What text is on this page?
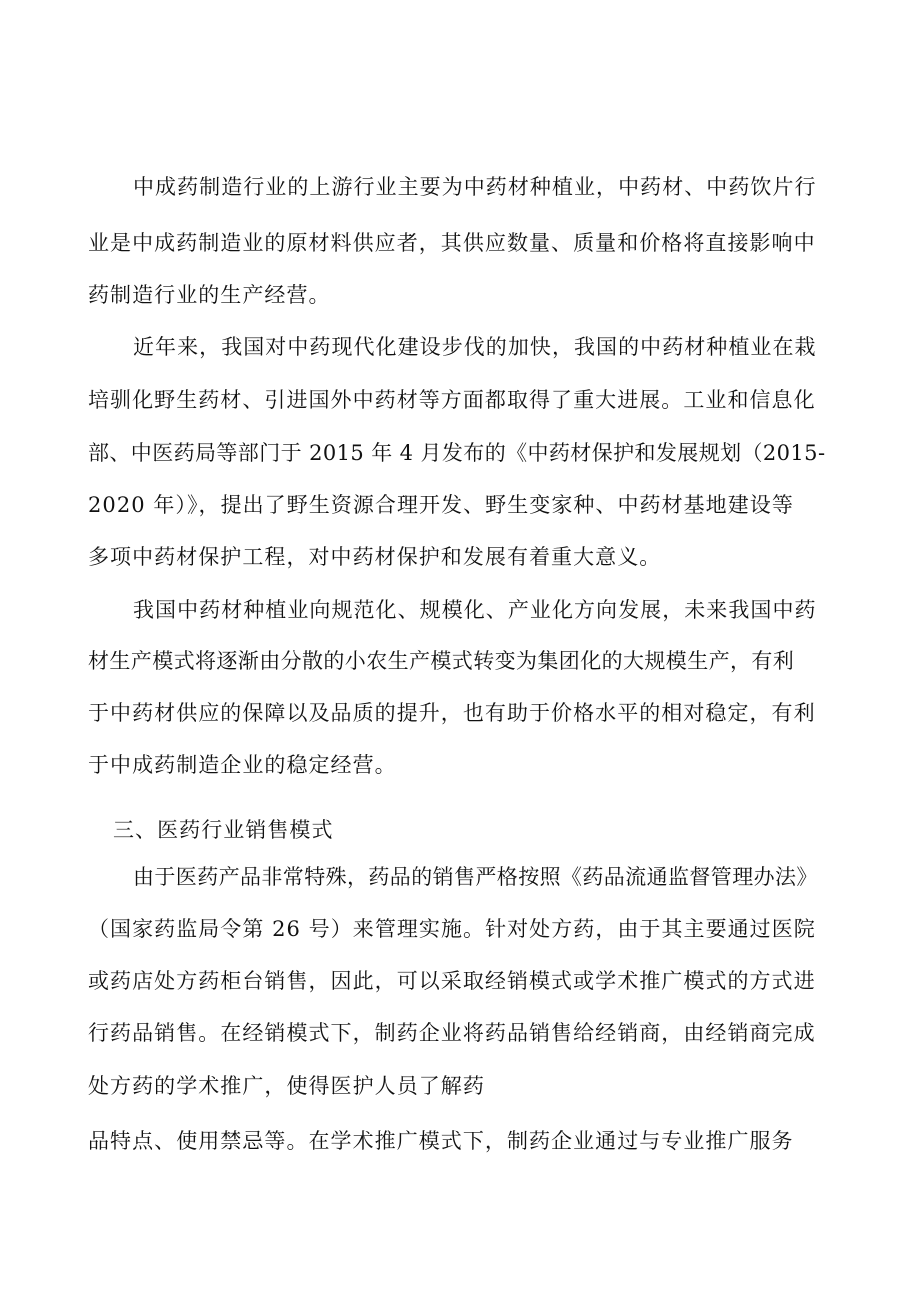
中成药制造行业的上游行业主要为中药材种植业，中药材、中药饮片行
业是中成药制造业的原材料供应者，其供应数量、质量和价格将直接影响中
药制造行业的生产经营。
近年来，我国对中药现代化建设步伐的加快，我国的中药材种植业在栽
培驯化野生药材、引进国外中药材等方面都取得了重大进展。工业和信息化
部、中医药局等部门于 2015 年 4 月发布的《中药材保护和发展规划（2015-
2020 年）》，提出了野生资源合理开发、野生变家种、中药材基地建设等
多项中药材保护工程，对中药材保护和发展有着重大意义。
我国中药材种植业向规范化、规模化、产业化方向发展，未来我国中药
材生产模式将逐渐由分散的小农生产模式转变为集团化的大规模生产，有利
于中药材供应的保障以及品质的提升，也有助于价格水平的相对稳定，有利
于中成药制造企业的稳定经营。
三、医药行业销售模式
由于医药产品非常特殊，药品的销售严格按照《药品流通监督管理办法》
（国家药监局令第 26 号）来管理实施。针对处方药，由于其主要通过医院
或药店处方药柜台销售，因此，可以采取经销模式或学术推广模式的方式进
行药品销售。在经销模式下，制药企业将药品销售给经销商，由经销商完成
处方药的学术推广，使得医护人员了解药
品特点、使用禁忌等。在学术推广模式下，制药企业通过与专业推广服务
